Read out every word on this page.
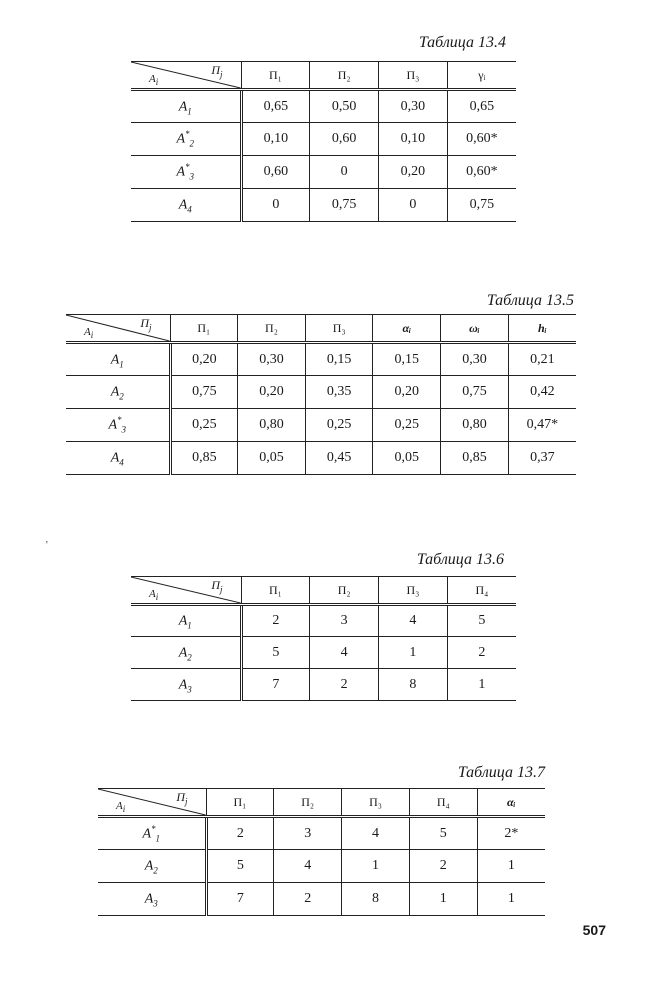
Таблица 13.4
$П_j$
$A_i$	П₁	П₂	П₃	γᵢ
$A_1$	0,65	0,50	0,30	0,65
$A^*_2$	0,10	0,60	0,10	0,60*
$A^*_3$	0,60	0	0,20	0,60*
$A_4$	0	0,75	0	0,75
Таблица 13.5
$П_j$
$A_i$	П₁	П₂	П₃	αᵢ	ωᵢ	hᵢ
$A_1$	0,20	0,30	0,15	0,15	0,30	0,21
$A_2$	0,75	0,20	0,35	0,20	0,75	0,42
$A^*_3$	0,25	0,80	0,25	0,25	0,80	0,47*
$A_4$	0,85	0,05	0,45	0,05	0,85	0,37
'
Таблица 13.6
$П_j$
$A_i$	П₁	П₂	П₃	П₄
$A_1$	2	3	4	5
$A_2$	5	4	1	2
$A_3$	7	2	8	1
Таблица 13.7
$П_j$
$A_i$	П₁	П₂	П₃	П₄	αᵢ
$A^*_1$	2	3	4	5	2*
$A_2$	5	4	1	2	1
$A_3$	7	2	8	1	1
507
